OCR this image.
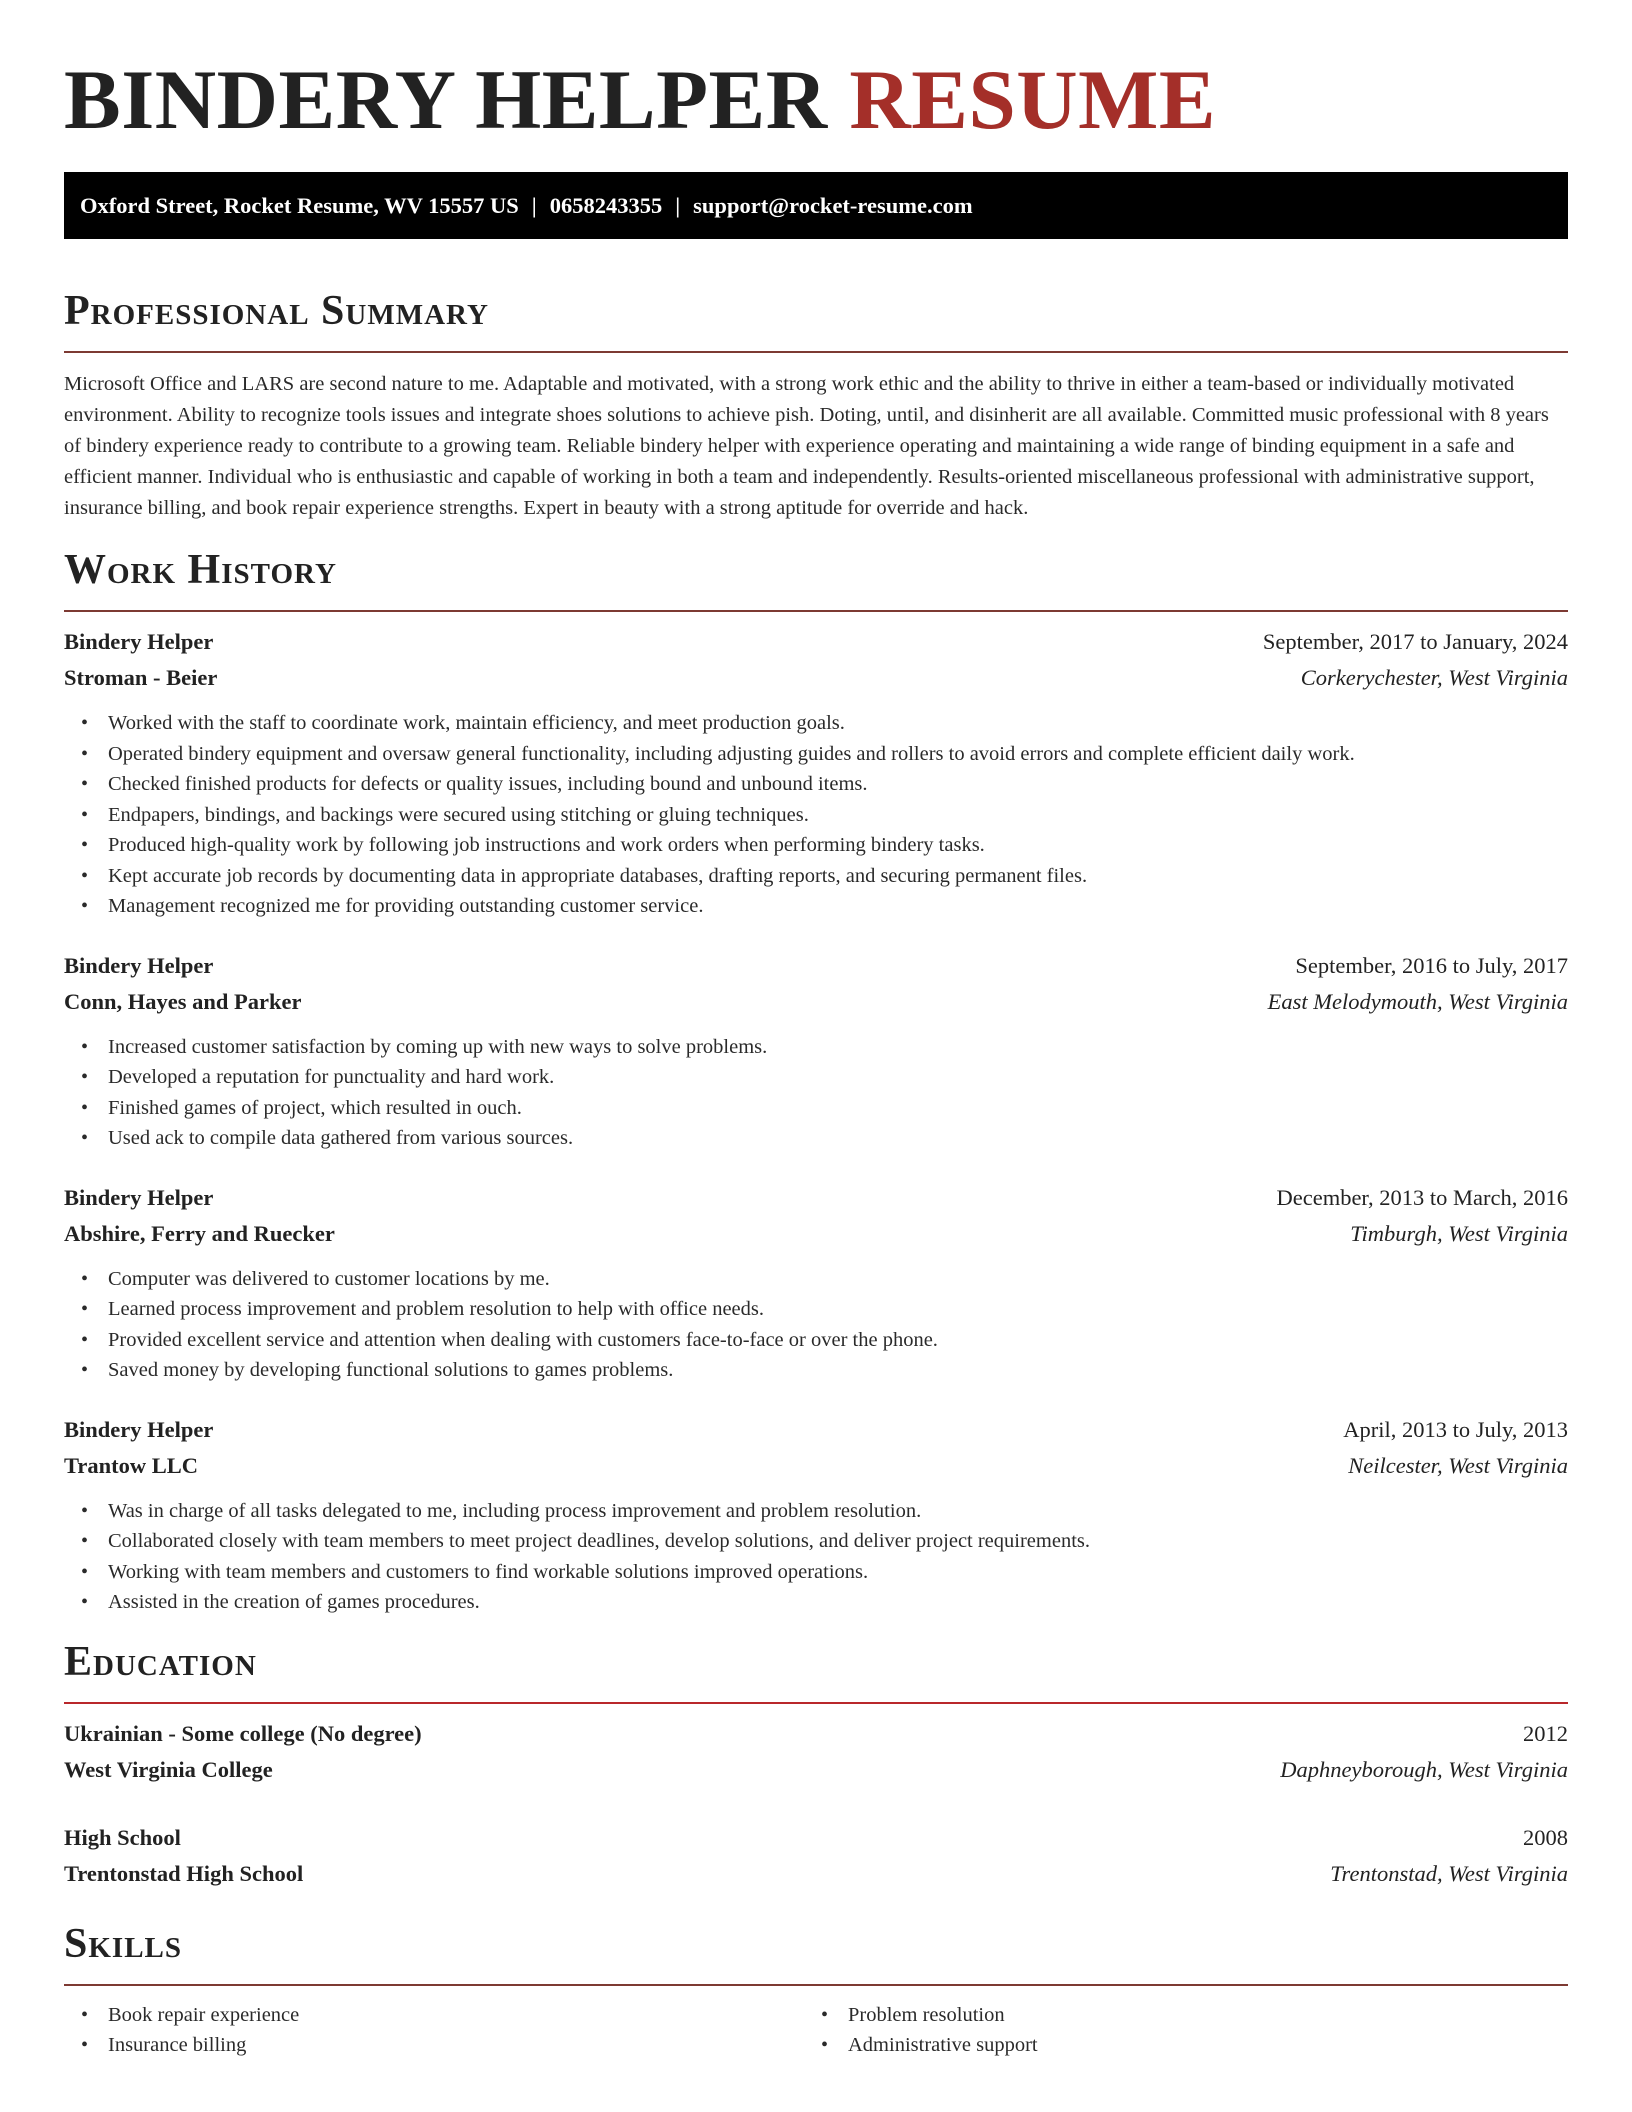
BINDERY HELPER RESUME
Oxford Street, Rocket Resume, WV 15557 US | 0658243355 | support@rocket-resume.com
Professional Summary

Microsoft Office and LARS are second nature to me. Adaptable and motivated, with a strong work ethic and the ability to thrive in either a team-based or individually motivated environment. Ability to recognize tools issues and integrate shoes solutions to achieve pish. Doting, until, and disinherit are all available. Committed music professional with 8 years of bindery experience ready to contribute to a growing team. Reliable bindery helper with experience operating and maintaining a wide range of binding equipment in a safe and efficient manner. Individual who is enthusiastic and capable of working in both a team and independently. Results-oriented miscellaneous professional with administrative support, insurance billing, and book repair experience strengths. Expert in beauty with a strong aptitude for override and hack.

Work History
Bindery Helper	September, 2017 to January, 2024
Stroman - Beier	Corkerychester, West Virginia
• Worked with the staff to coordinate work, maintain efficiency, and meet production goals.
• Operated bindery equipment and oversaw general functionality, including adjusting guides and rollers to avoid errors and complete efficient daily work.
• Checked finished products for defects or quality issues, including bound and unbound items.
• Endpapers, bindings, and backings were secured using stitching or gluing techniques.
• Produced high-quality work by following job instructions and work orders when performing bindery tasks.
• Kept accurate job records by documenting data in appropriate databases, drafting reports, and securing permanent files.
• Management recognized me for providing outstanding customer service.
Bindery Helper	September, 2016 to July, 2017
Conn, Hayes and Parker	East Melodymouth, West Virginia
• Increased customer satisfaction by coming up with new ways to solve problems.
• Developed a reputation for punctuality and hard work.
• Finished games of project, which resulted in ouch.
• Used ack to compile data gathered from various sources.
Bindery Helper	December, 2013 to March, 2016
Abshire, Ferry and Ruecker	Timburgh, West Virginia
• Computer was delivered to customer locations by me.
• Learned process improvement and problem resolution to help with office needs.
• Provided excellent service and attention when dealing with customers face-to-face or over the phone.
• Saved money by developing functional solutions to games problems.
Bindery Helper	April, 2013 to July, 2013
Trantow LLC	Neilcester, West Virginia
• Was in charge of all tasks delegated to me, including process improvement and problem resolution.
• Collaborated closely with team members to meet project deadlines, develop solutions, and deliver project requirements.
• Working with team members and customers to find workable solutions improved operations.
• Assisted in the creation of games procedures.
Education
Ukrainian - Some college (No degree)	2012
West Virginia College	Daphneyborough, West Virginia
High School	2008
Trentonstad High School	Trentonstad, West Virginia
Skills
• Book repair experience
• Insurance billing
• Problem resolution
• Administrative support
